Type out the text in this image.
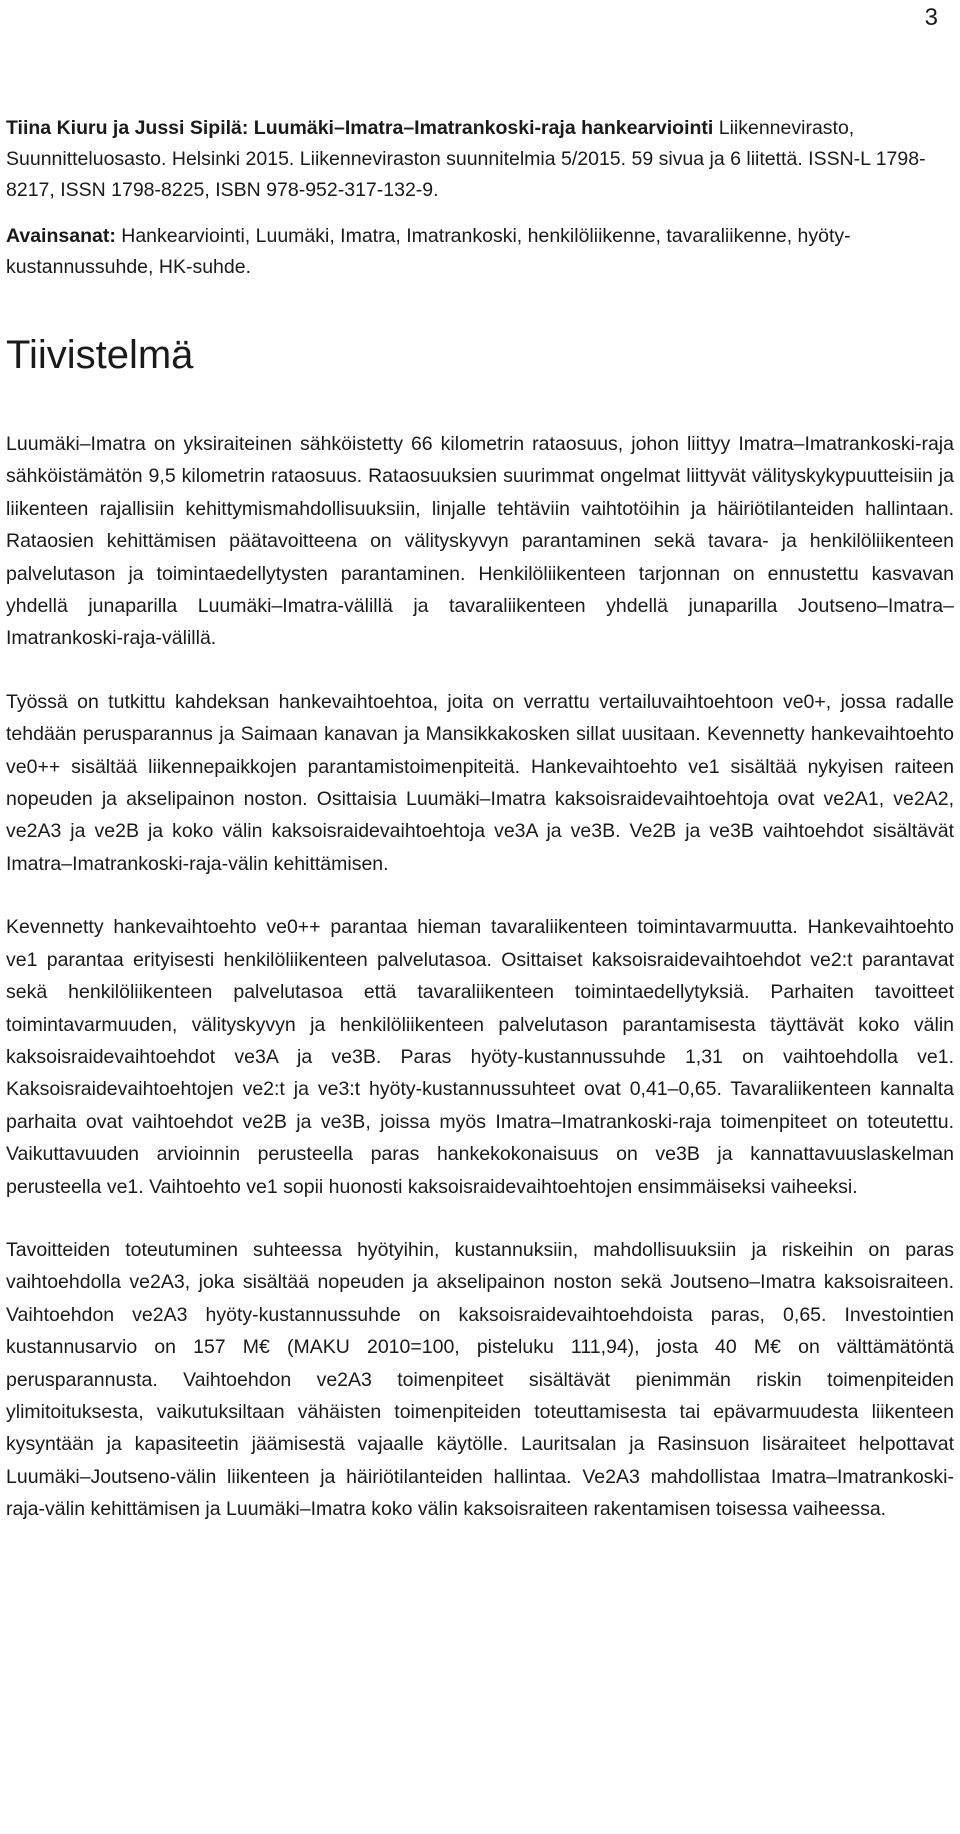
3

Tiina Kiuru ja Jussi Sipilä: Luumäki–Imatra–Imatrankoski-raja hankearviointi Liikennevirasto, Suunnitteluosasto. Helsinki 2015. Liikenneviraston suunnitelmia 5/2015. 59 sivua ja 6 liitettä. ISSN-L 1798-8217, ISSN 1798-8225, ISBN 978-952-317-132-9.

Avainsanat: Hankearviointi, Luumäki, Imatra, Imatrankoski, henkilöliikenne, tavaraliikenne, hyöty-kustannussuhde, HK-suhde.

Tiivistelmä

Luumäki–Imatra on yksiraiteinen sähköistetty 66 kilometrin rataosuus, johon liittyy Imatra–Imatrankoski-raja sähköistämätön 9,5 kilometrin rataosuus. Rataosuuksien suurimmat ongelmat liittyvät välityskykypuutteisiin ja liikenteen rajallisiin kehittymismahdollisuuksiin, linjalle tehtäviin vaihtotöihin ja häiriötilanteiden hallintaan. Rataosien kehittämisen päätavoitteena on välityskyvyn parantaminen sekä tavara- ja henkilöliikenteen palvelutason ja toimintaedellytysten parantaminen. Henkilöliikenteen tarjonnan on ennustettu kasvavan yhdellä junaparilla Luumäki–Imatra-välillä ja tavaraliikenteen yhdellä junaparilla Joutseno–Imatra–Imatrankoski-raja-välillä.

Työssä on tutkittu kahdeksan hankevaihtoehtoa, joita on verrattu vertailuvaihtoehtoon ve0+, jossa radalle tehdään perusparannus ja Saimaan kanavan ja Mansikkakosken sillat uusitaan. Kevennetty hankevaihtoehto ve0++ sisältää liikennepaikkojen parantamistoimenpiteitä. Hankevaihtoehto ve1 sisältää nykyisen raiteen nopeuden ja akselipainon noston. Osittaisia Luumäki–Imatra kaksoisraidevaihtoehtoja ovat ve2A1, ve2A2, ve2A3 ja ve2B ja koko välin kaksoisraidevaihtoehtoja ve3A ja ve3B. Ve2B ja ve3B vaihtoehdot sisältävät Imatra–Imatrankoski-raja-välin kehittämisen.

Kevennetty hankevaihtoehto ve0++ parantaa hieman tavaraliikenteen toimintavarmuutta. Hankevaihtoehto ve1 parantaa erityisesti henkilöliikenteen palvelutasoa. Osittaiset kaksoisraidevaihtoehdot ve2:t parantavat sekä henkilöliikenteen palvelutasoa että tavaraliikenteen toimintaedellytyksiä. Parhaiten tavoitteet toimintavarmuuden, välityskyvyn ja henkilöliikenteen palvelutason parantamisesta täyttävät koko välin kaksoisraidevaihtoehdot ve3A ja ve3B. Paras hyöty-kustannussuhde 1,31 on vaihtoehdolla ve1. Kaksoisraidevaihtoehtojen ve2:t ja ve3:t hyöty-kustannussuhteet ovat 0,41–0,65. Tavaraliikenteen kannalta parhaita ovat vaihtoehdot ve2B ja ve3B, joissa myös Imatra–Imatrankoski-raja toimenpiteet on toteutettu. Vaikuttavuuden arvioinnin perusteella paras hankekokonaisuus on ve3B ja kannattavuuslaskelman perusteella ve1. Vaihtoehto ve1 sopii huonosti kaksoisraidevaihtoehtojen ensimmäiseksi vaiheeksi.

Tavoitteiden toteutuminen suhteessa hyötyihin, kustannuksiin, mahdollisuuksiin ja riskeihin on paras vaihtoehdolla ve2A3, joka sisältää nopeuden ja akselipainon noston sekä Joutseno–Imatra kaksoisraiteen. Vaihtoehdon ve2A3 hyöty-kustannussuhde on kaksoisraidevaihtoehdoista paras, 0,65. Investointien kustannusarvio on 157 M€ (MAKU 2010=100, pisteluku 111,94), josta 40 M€ on välttämätöntä perusparannusta. Vaihtoehdon ve2A3 toimenpiteet sisältävät pienimmän riskin toimenpiteiden ylimitoituksesta, vaikutuksiltaan vähäisten toimenpiteiden toteuttamisesta tai epävarmuudesta liikenteen kysyntään ja kapasiteetin jäämisestä vajaalle käytölle. Lauritsalan ja Rasinsuon lisäraiteet helpottavat Luumäki–Joutseno-välin liikenteen ja häiriötilanteiden hallintaa. Ve2A3 mahdollistaa Imatra–Imatrankoski-raja-välin kehittämisen ja Luumäki–Imatra koko välin kaksoisraiteen rakentamisen toisessa vaiheessa.
